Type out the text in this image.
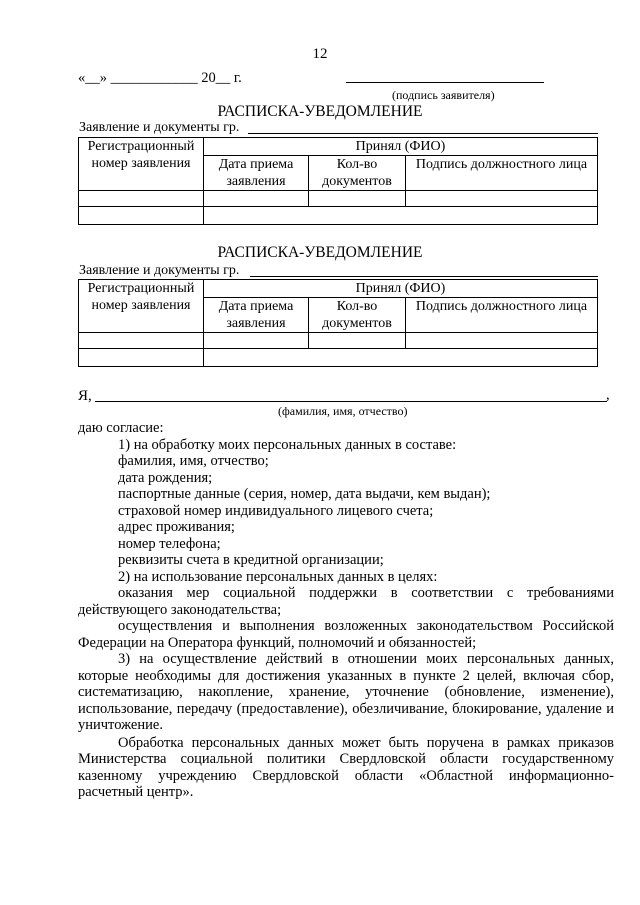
12
«__» ____________ 20__ г.
(подпись заявителя)
РАСПИСКА-УВЕДОМЛЕНИЕ
Заявление и документы гр.
Регистрационный номер заявления	Принял (ФИО)		
	Дата приема заявления	Кол-во документов	Подпись должностного лица

РАСПИСКА-УВЕДОМЛЕНИЕ
Заявление и документы гр.
Регистрационный номер заявления	Принял (ФИО)		
	Дата приема заявления	Кол-во документов	Подпись должностного лица

Я,	,
(фамилия, имя, отчество)

даю согласие:

1) на обработку моих персональных данных в составе:

фамилия, имя, отчество;

дата рождения;

паспортные данные (серия, номер, дата выдачи, кем выдан);

страховой номер индивидуального лицевого счета;

адрес проживания;

номер телефона;

реквизиты счета в кредитной организации;

2) на использование персональных данных в целях:

оказания мер социальной поддержки в соответствии с требованиями действующего законодательства;

осуществления и выполнения возложенных законодательством Российской Федерации на Оператора функций, полномочий и обязанностей;

3) на осуществление действий в отношении моих персональных данных, которые необходимы для достижения указанных в пункте 2 целей, включая сбор, систематизацию, накопление, хранение, уточнение (обновление, изменение), использование, передачу (предоставление), обезличивание, блокирование, удаление и уничтожение.

Обработка персональных данных может быть поручена в рамках приказов Министерства социальной политики Свердловской области государственному казенному учреждению Свердловской области «Областной информационно-расчетный центр».
